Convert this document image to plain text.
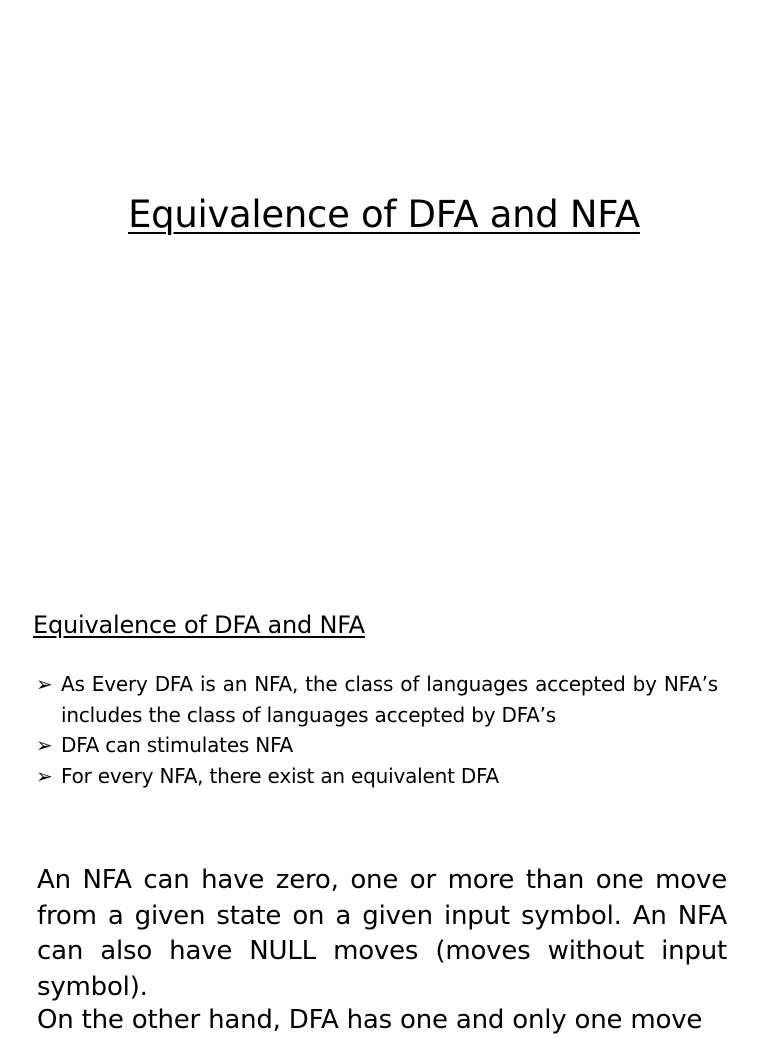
Equivalence of DFA and NFA
Equivalence of DFA and NFA
➢ As Every DFA is an NFA, the class of languages accepted by NFA’s includes the class of languages accepted by DFA’s
➢ DFA can stimulates NFA
➢ For every NFA, there exist an equivalent DFA

An NFA can have zero, one or more than one move from a given state on a given input symbol. An NFA can also have NULL moves (moves without input symbol).

On the other hand, DFA has one and only one move
